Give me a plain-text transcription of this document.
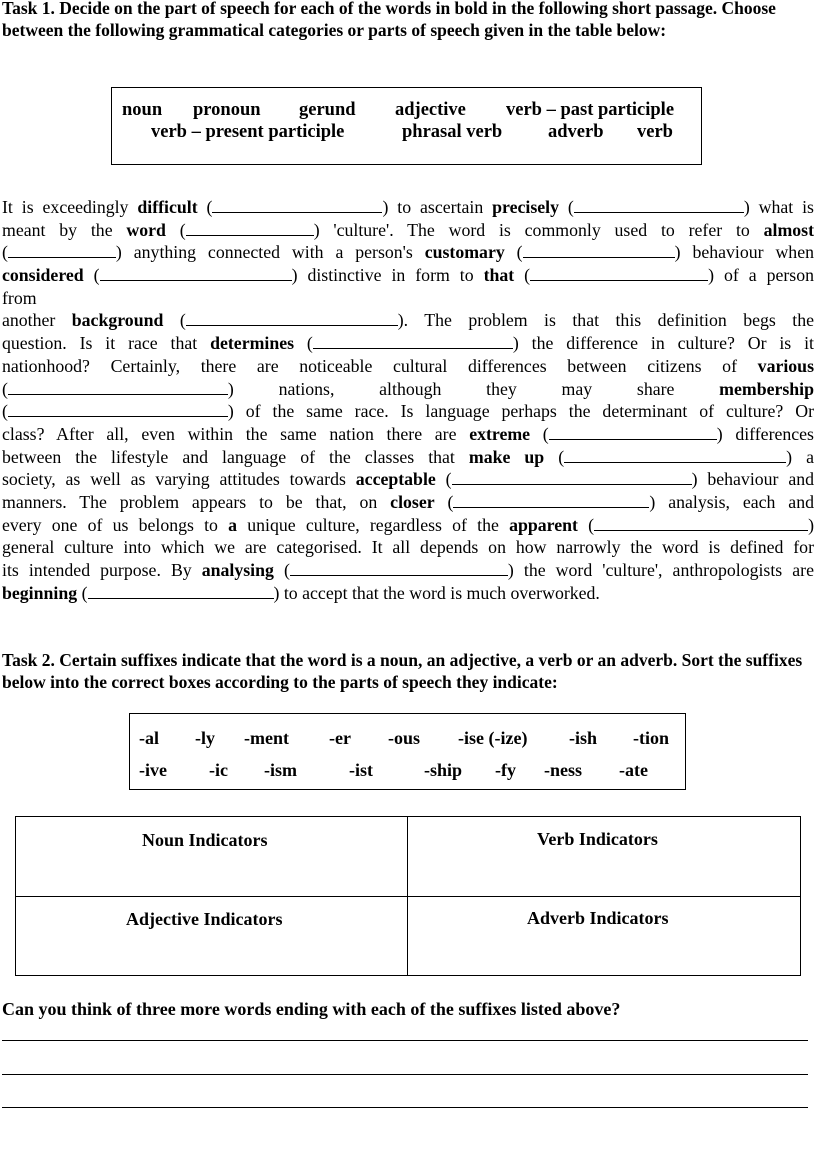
Task 1. Decide on the part of speech for each of the words in bold in the following short passage. Choose between the following grammatical categories or parts of speech given in the table below:
noun pronoun gerund adjective verb – past participle
verb – present participle	phrasal verb adverb verb
It is exceedingly difficult (	) to ascertain precisely (	) what is
meant by the word (	) 'culture'. The word is commonly used to refer to almost
(	) anything connected with a person's customary (	) behaviour when
considered (	) distinctive in form to that (	) of a person
from
another background (	). The problem is that this definition begs the
question. Is it race that determines (	) the difference in culture? Or is it
nationhood? Certainly, there are noticeable cultural differences between citizens of various
(	) nations, although they may share membership
(	) of the same race. Is language perhaps the determinant of culture? Or
class? After all, even within the same nation there are extreme (	) differences
between the lifestyle and language of the classes that make up (	) a
society, as well as varying attitudes towards acceptable (	) behaviour and
manners. The problem appears to be that, on closer (	) analysis, each and
every one of us belongs to a unique culture, regardless of the apparent (	)
general culture into which we are categorised. It all depends on how narrowly the word is defined for
its intended purpose. By analysing (	) the word 'culture', anthropologists are
beginning (	) to accept that the word is much overworked.
Task 2. Certain suffixes indicate that the word is a noun, an adjective, a verb or an adverb. Sort the suffixes below into the correct boxes according to the parts of speech they indicate:
-al -ly -ment -er -ous -ise (-ize) -ish -tion
-ive -ic -ism	-ist	-ship -fy -ness -ate
Noun Indicators	Verb Indicators
Adjective Indicators	Adverb Indicators
Can you think of three more words ending with each of the suffixes listed above?
